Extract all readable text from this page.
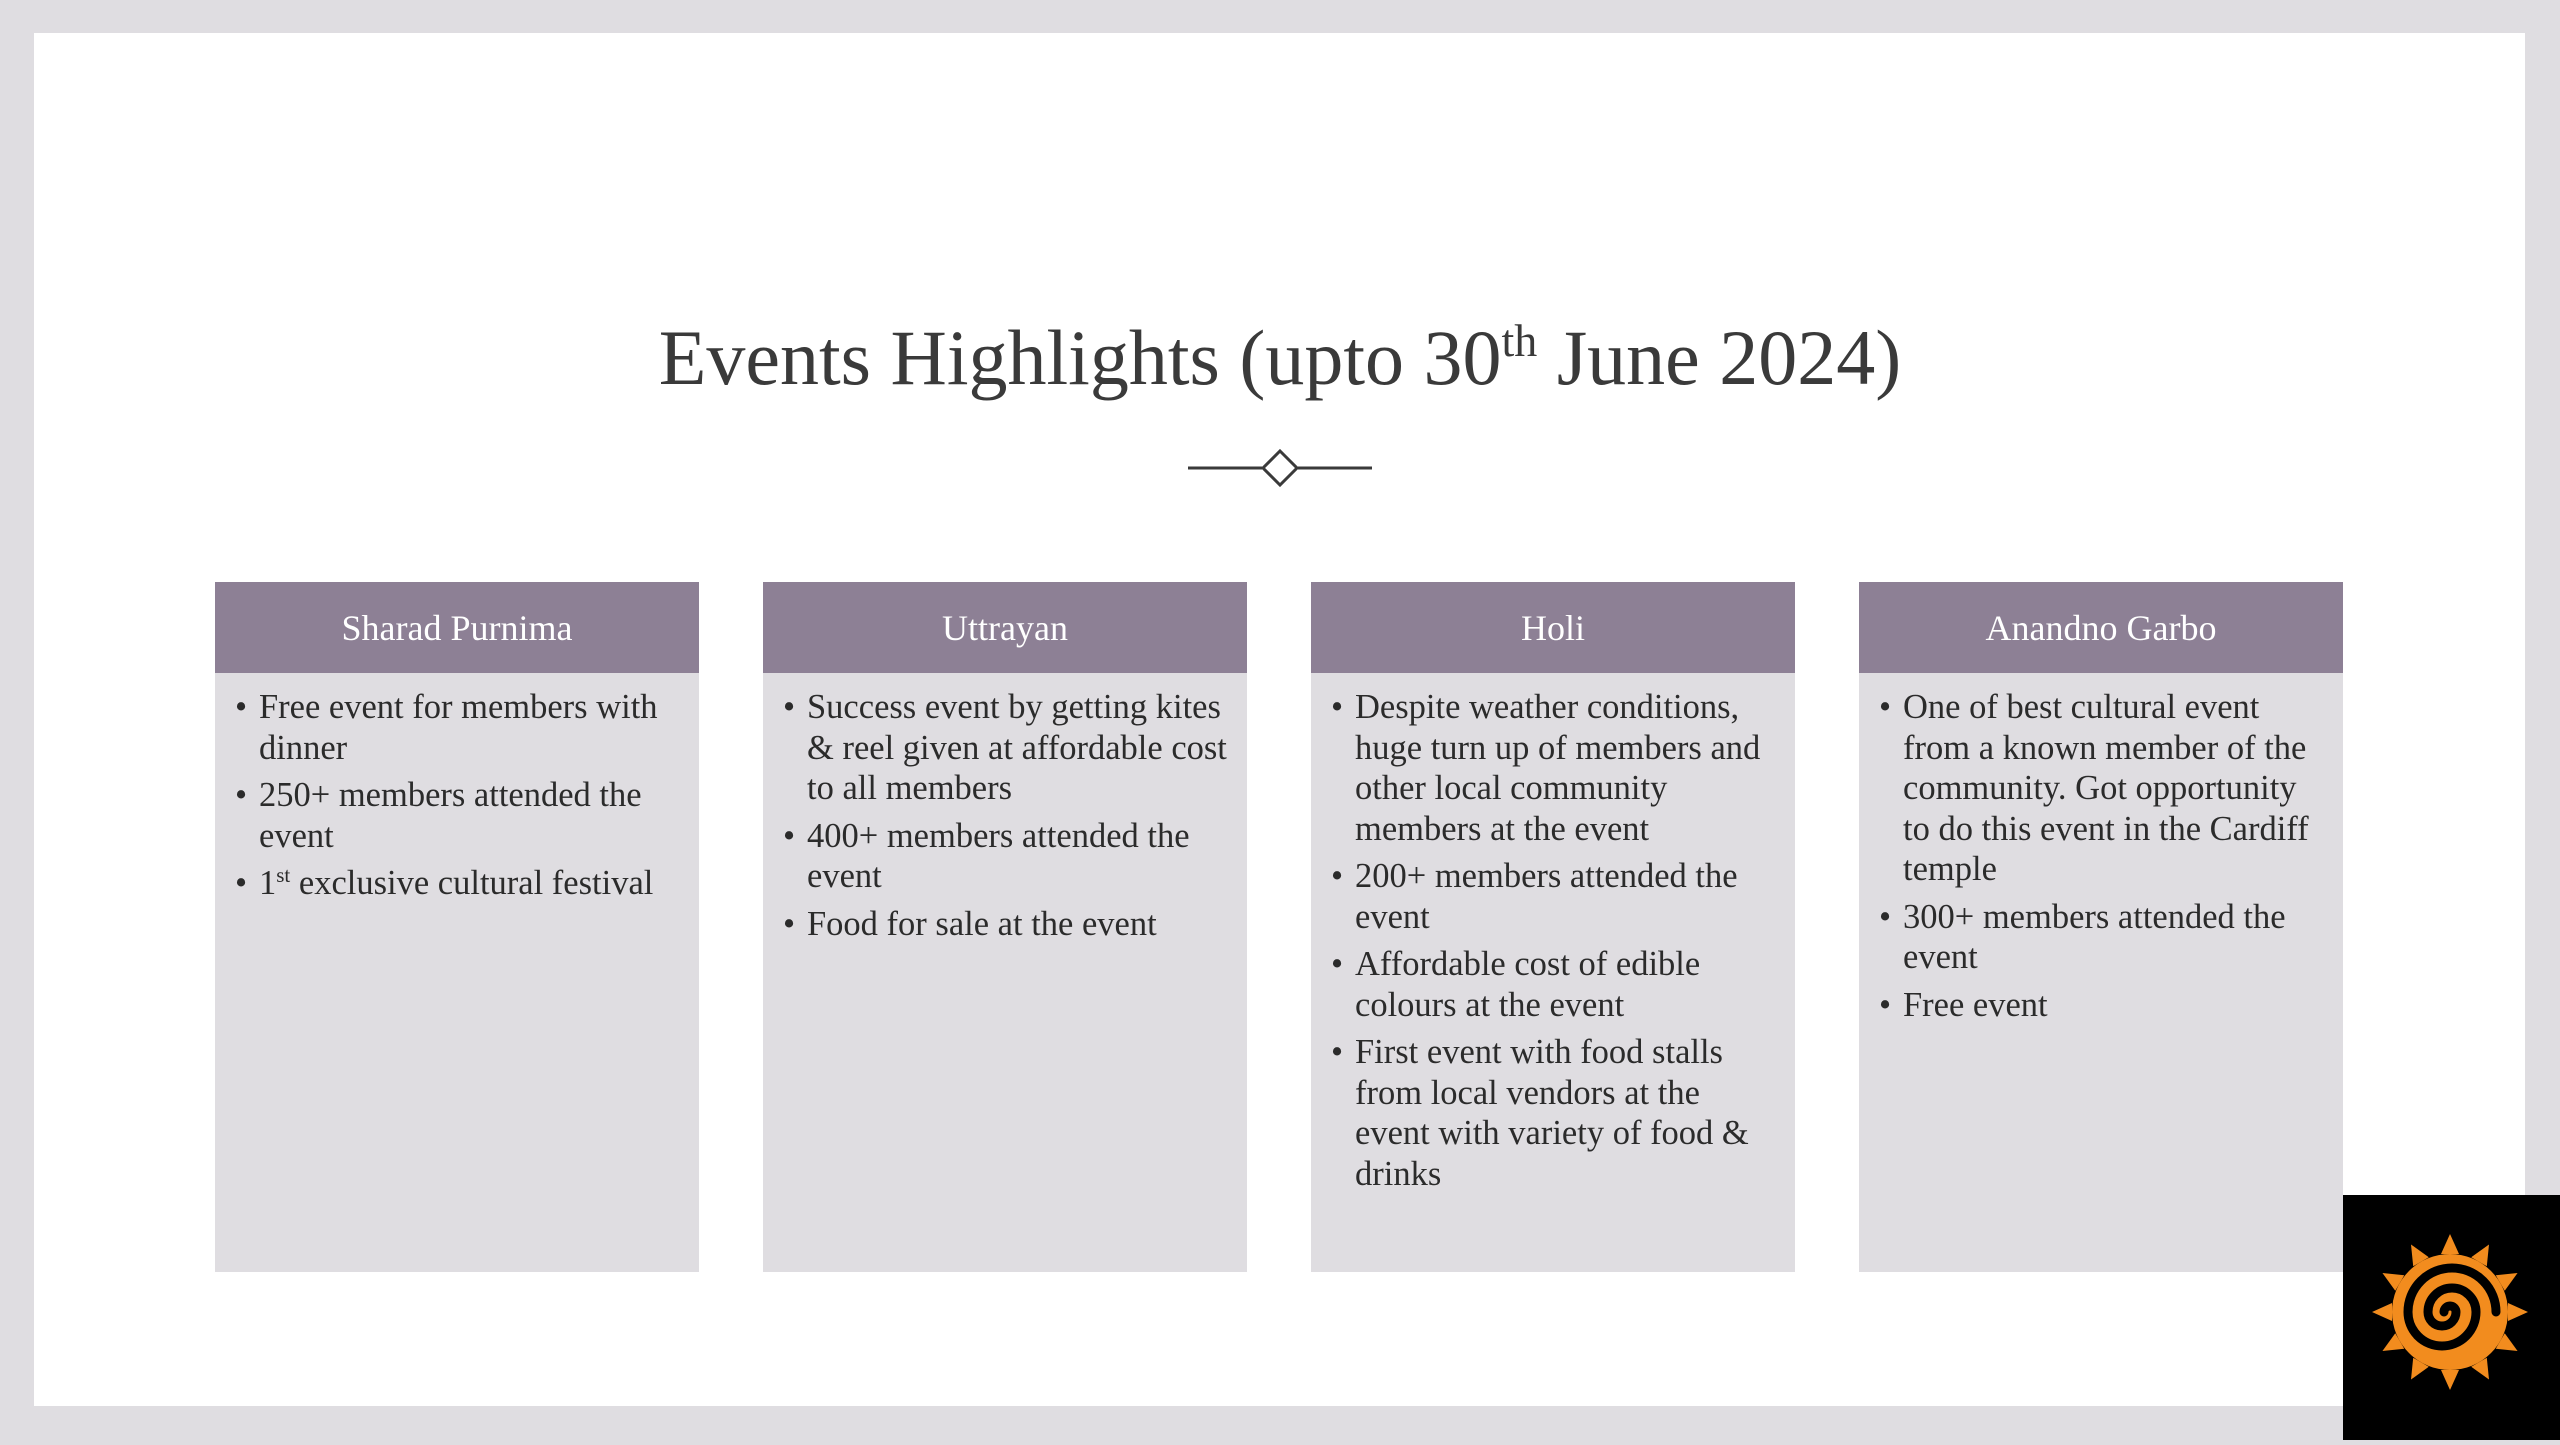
Events Highlights (upto 30th June 2024)
Sharad Purnima
• Free event for members with dinner
• 250+ members attended the event
• 1st exclusive cultural festival
Uttrayan
• Success event by getting kites & reel given at affordable cost to all members
• 400+ members attended the event
• Food for sale at the event
Holi
• Despite weather conditions, huge turn up of members and other local community members at the event
• 200+ members attended the event
• Affordable cost of edible colours at the event
• First event with food stalls from local vendors at the event with variety of food & drinks
Anandno Garbo
• One of best cultural event from a known member of the community. Got opportunity to do this event in the Cardiff temple
• 300+ members attended the event
• Free event
